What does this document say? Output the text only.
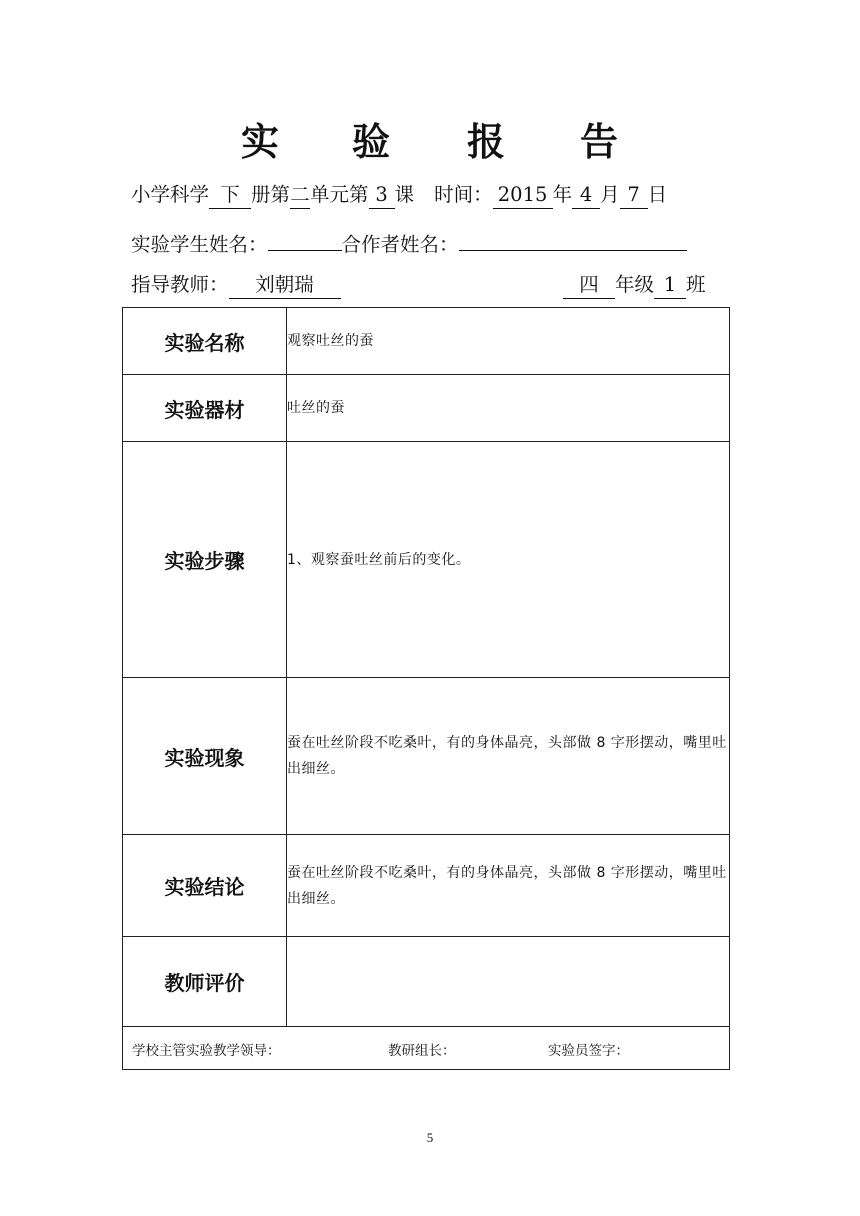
实 验 报 告
小学科学 下 册第二单元第 3 课 时间： 2015 年 4 月 7 日
实验学生姓名：	合作者姓名：
指导教师： 刘朝瑞	四 年级 1 班
实验名称	观察吐丝的蚕
实验器材	吐丝的蚕
实验步骤	1、观察蚕吐丝前后的变化。
实验现象	蚕在吐丝阶段不吃桑叶，有的身体晶亮，头部做 8 字形摆动，嘴里吐出细丝。
实验结论	蚕在吐丝阶段不吃桑叶，有的身体晶亮，头部做 8 字形摆动，嘴里吐出细丝。
教师评价	

学校主管实验教学领导： 教研组长： 实验员签字：	
5
